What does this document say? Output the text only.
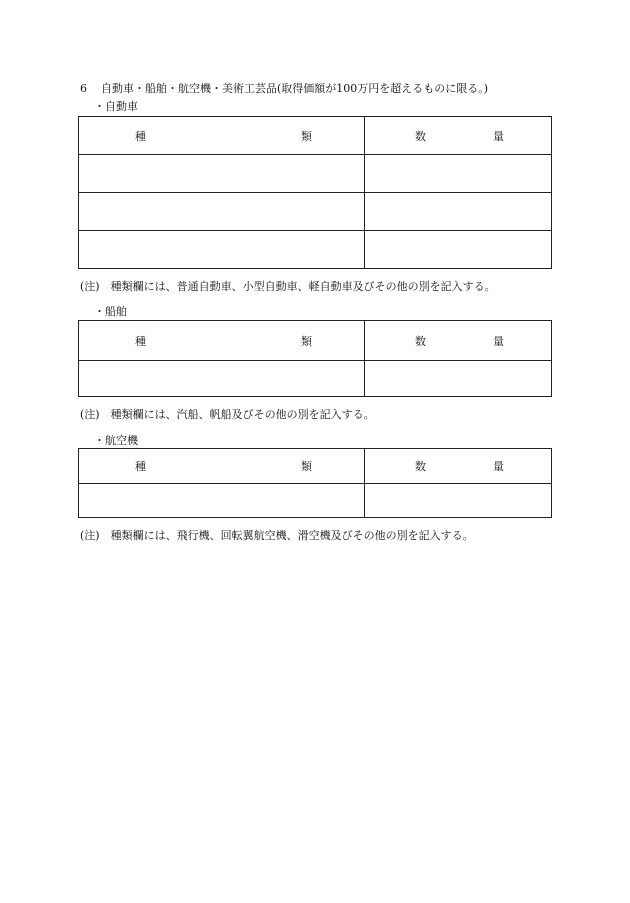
6 自動車・船舶・航空機・美術工芸品(取得価額が100万円を超えるものに限る。)
・自動車
種 類	数 量

(注)　種類欄には、普通自動車、小型自動車、軽自動車及びその他の別を記入する。
・船舶
種 類	数 量

(注)　種類欄には、汽船、帆船及びその他の別を記入する。
・航空機
種 類	数 量

(注)　種類欄には、飛行機、回転翼航空機、滑空機及びその他の別を記入する。
